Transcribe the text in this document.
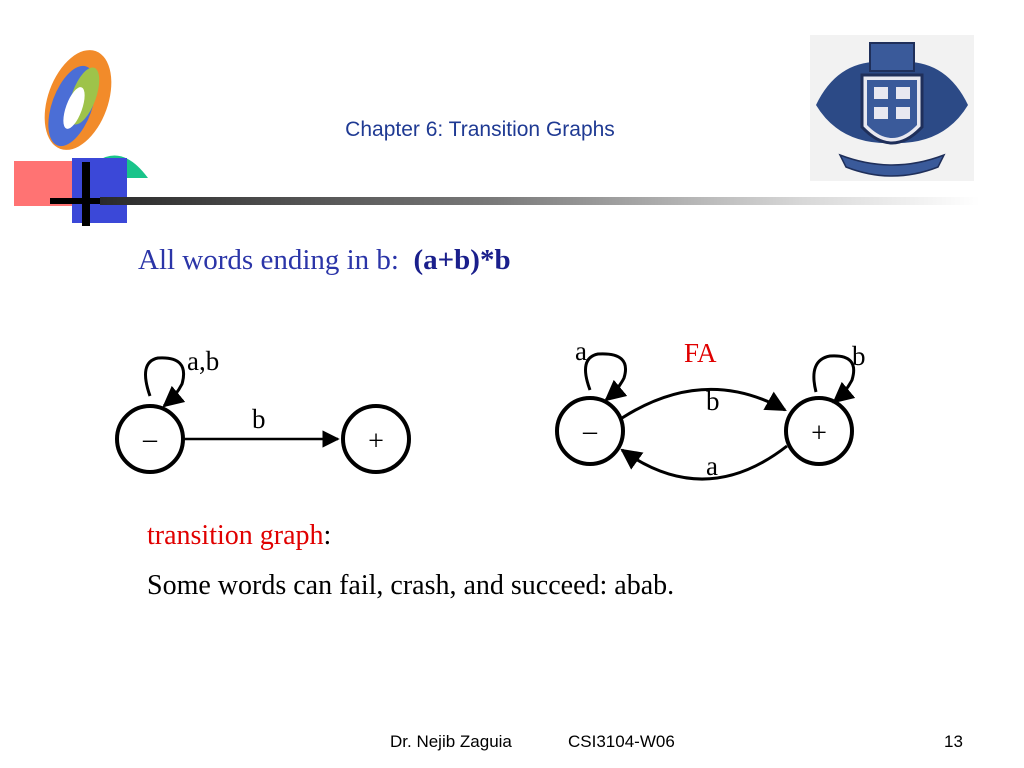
Chapter 6: Transition Graphs
All words ending in b: (a+b)*b
–	+
a,b
b	–	+
FA
a	b
b
a
transition graph:
Some words can fail, crash, and succeed: abab.
Dr. Nejib Zaguia	CSI3104-W06	13
